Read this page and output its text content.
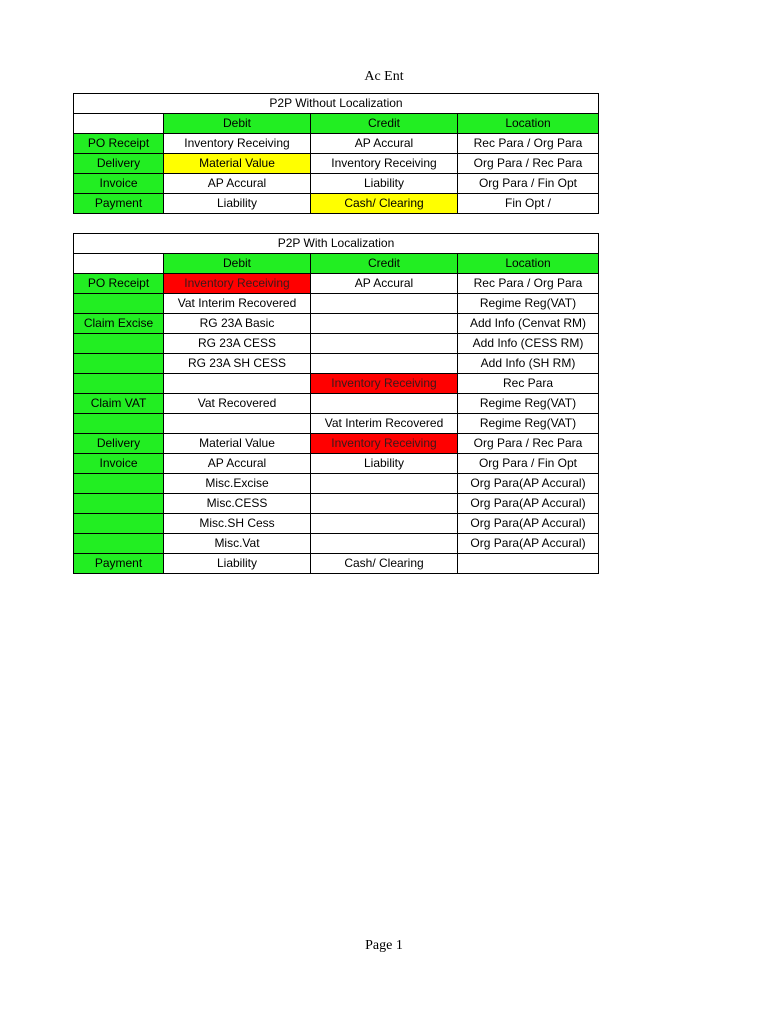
Ac Ent
P2P Without Localization			
	Debit	Credit	Location
PO Receipt	Inventory Receiving	AP Accural	Rec Para / Org Para
Delivery	Material Value	Inventory Receiving	Org Para / Rec Para
Invoice	AP Accural	Liability	Org Para / Fin Opt
Payment	Liability	Cash/ Clearing	Fin Opt /
P2P With Localization			
	Debit	Credit	Location
PO Receipt	Inventory Receiving	AP Accural	Rec Para / Org Para
	Vat Interim Recovered		Regime Reg(VAT)
Claim Excise	RG 23A Basic		Add Info (Cenvat RM)
	RG 23A CESS		Add Info (CESS RM)
	RG 23A SH CESS		Add Info (SH RM)
		Inventory Receiving	Rec Para
Claim VAT	Vat Recovered		Regime Reg(VAT)
		Vat Interim Recovered	Regime Reg(VAT)
Delivery	Material Value	Inventory Receiving	Org Para / Rec Para
Invoice	AP Accural	Liability	Org Para / Fin Opt
	Misc.Excise		Org Para(AP Accural)
	Misc.CESS		Org Para(AP Accural)
	Misc.SH Cess		Org Para(AP Accural)
	Misc.Vat		Org Para(AP Accural)
Payment	Liability	Cash/ Clearing	
Page 1
